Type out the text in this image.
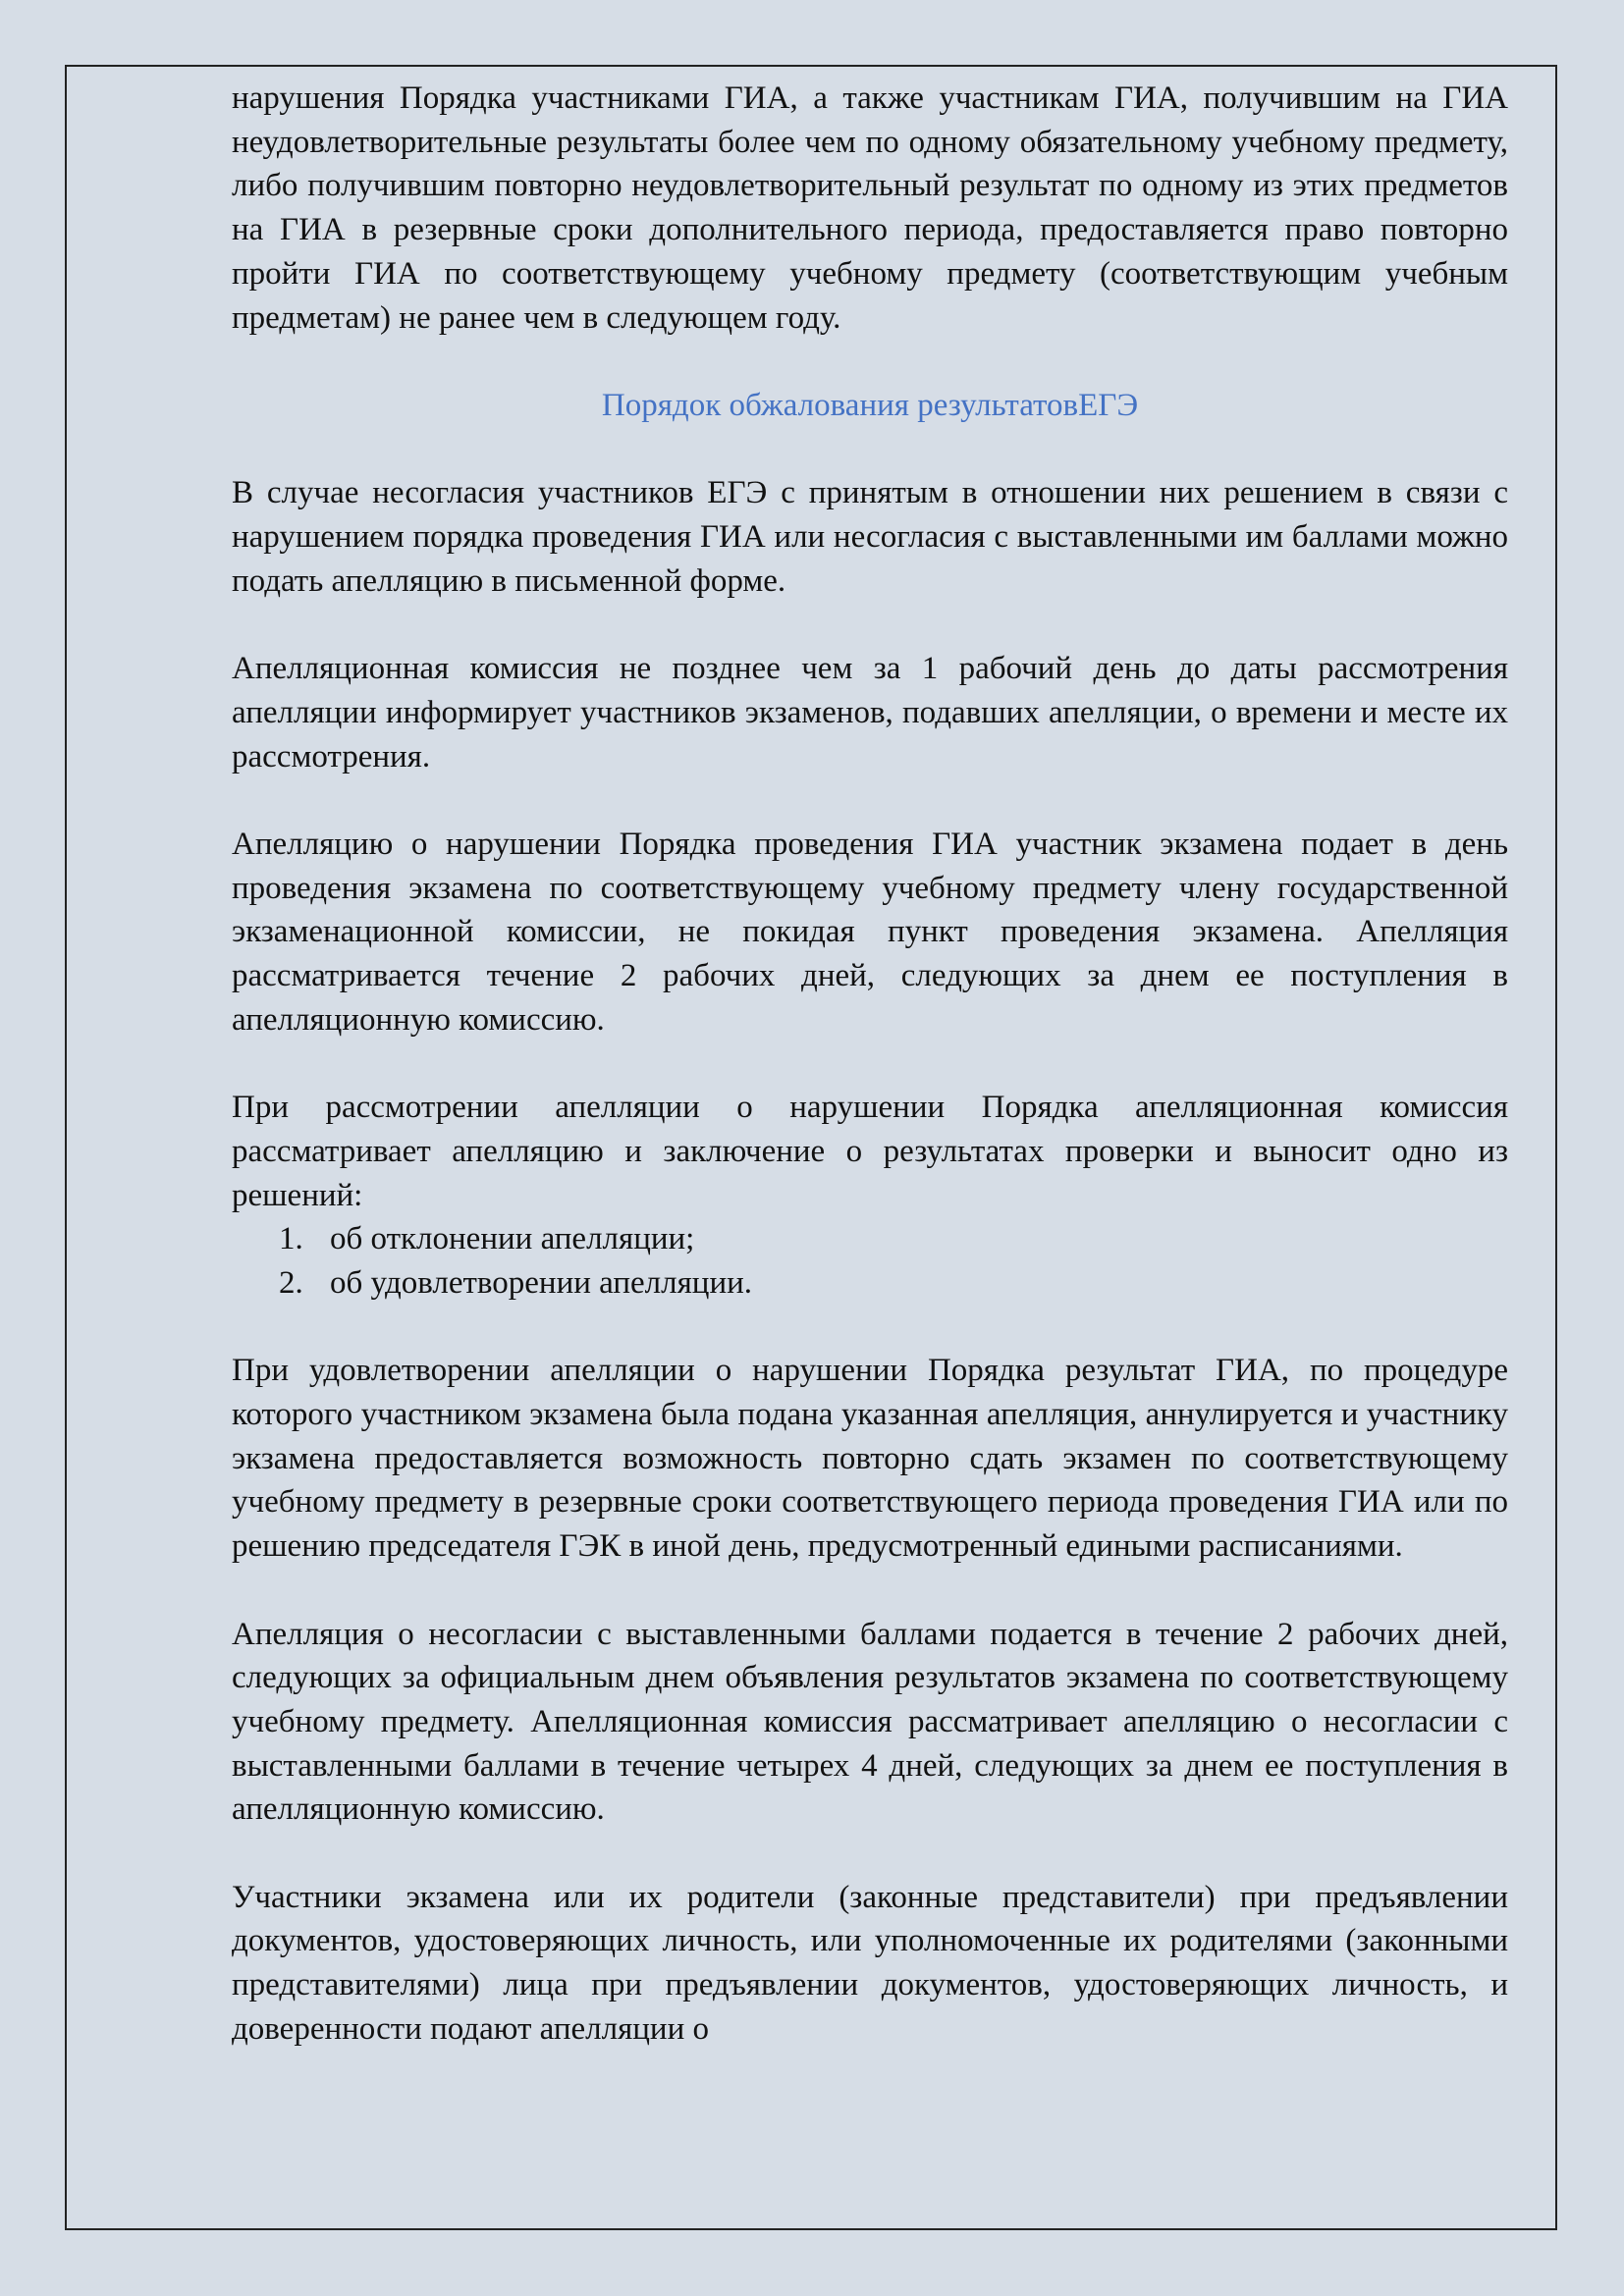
нарушения Порядка участниками ГИА, а также участникам ГИА, получившим на ГИА неудовлетворительные результаты более чем по одному обязательному учебному предмету, либо получившим повторно неудовлетворительный результат по одному из этих предметов на ГИА в резервные сроки дополнительного периода, предоставляется право повторно пройти ГИА по соответствующему учебному предмету (соответствующим учебным предметам) не ранее чем в следующем году.

Порядок обжалования результатовЕГЭ

В случае несогласия участников ЕГЭ с принятым в отношении них решением в связи с нарушением порядка проведения ГИА или несогласия с выставленными им баллами можно подать апелляцию в письменной форме.

Апелляционная комиссия не позднее чем за 1 рабочий день до даты рассмотрения апелляции информирует участников экзаменов, подавших апелляции, о времени и месте их рассмотрения.

Апелляцию о нарушении Порядка проведения ГИА участник экзамена подает в день проведения экзамена по соответствующему учебному предмету члену государственной экзаменационной комиссии, не покидая пункт проведения экзамена. Апелляция рассматривается течение 2 рабочих дней, следующих за днем ее поступления в апелляционную комиссию.

При рассмотрении апелляции о нарушении Порядка апелляционная комиссия рассматривает апелляцию и заключение о результатах проверки и выносит одно из решений:

1. об отклонении апелляции;
2. об удовлетворении апелляции.

При удовлетворении апелляции о нарушении Порядка результат ГИА, по процедуре которого участником экзамена была подана указанная апелляция, аннулируется и участнику экзамена предоставляется возможность повторно сдать экзамен по соответствующему учебному предмету в резервные сроки соответствующего периода проведения ГИА или по решению председателя ГЭК в иной день, предусмотренный едиными расписаниями.

Апелляция о несогласии с выставленными баллами подается в течение 2 рабочих дней, следующих за официальным днем объявления результатов экзамена по соответствующему учебному предмету. Апелляционная комиссия рассматривает апелляцию о несогласии с выставленными баллами в течение четырех 4 дней, следующих за днем ее поступления в апелляционную комиссию.

Участники экзамена или их родители (законные представители) при предъявлении документов, удостоверяющих личность, или уполномоченные их родителями (законными представителями) лица при предъявлении документов, удостоверяющих личность, и доверенности подают апелляции о
